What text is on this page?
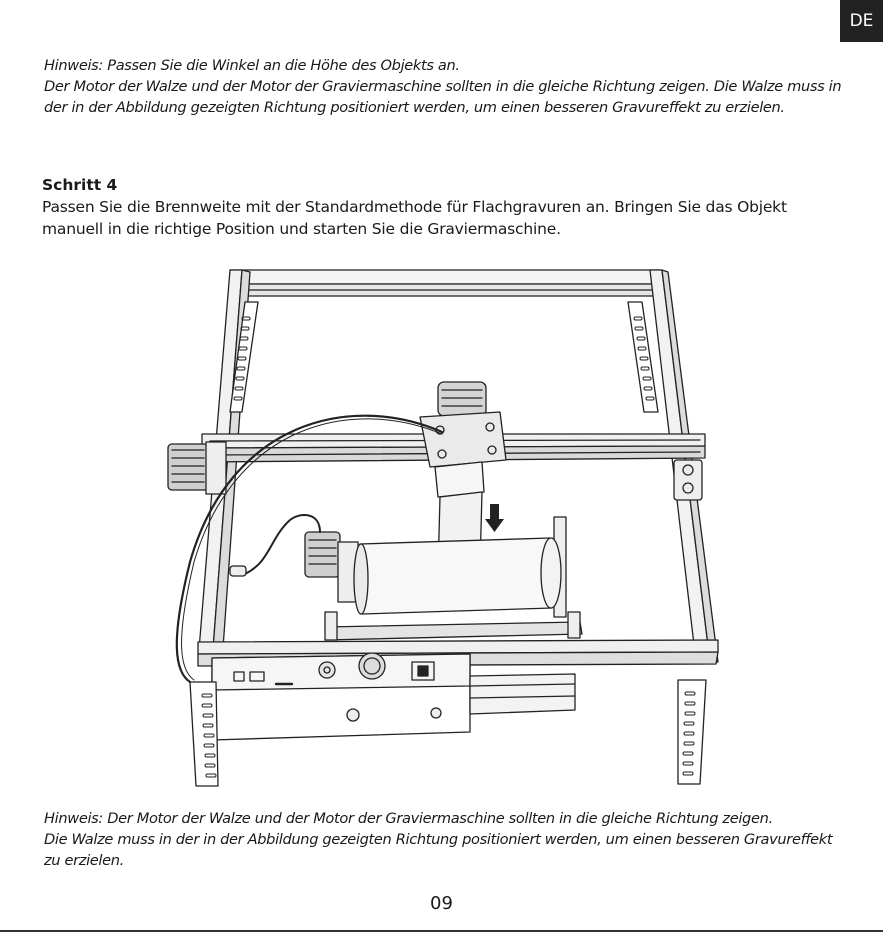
DE

Hinweis: Passen Sie die Winkel an die Höhe des Objekts an.

Der Motor der Walze und der Motor der Graviermaschine sollten in die gleiche Richtung zeigen. Die Walze muss in der in der Abbildung gezeigten Richtung positioniert werden, um einen besseren Gravureffekt zu erzielen.

Schritt 4
Passen Sie die Brennweite mit der Standardmethode für Flachgravuren an. Bringen Sie das Objekt manuell in die richtige Position und starten Sie die Graviermaschine.

Hinweis: Der Motor der Walze und der Motor der Graviermaschine sollten in die gleiche Richtung zeigen.

Die Walze muss in der in der Abbildung gezeigten Richtung positioniert werden, um einen besseren Gravureffekt zu erzielen.

09
